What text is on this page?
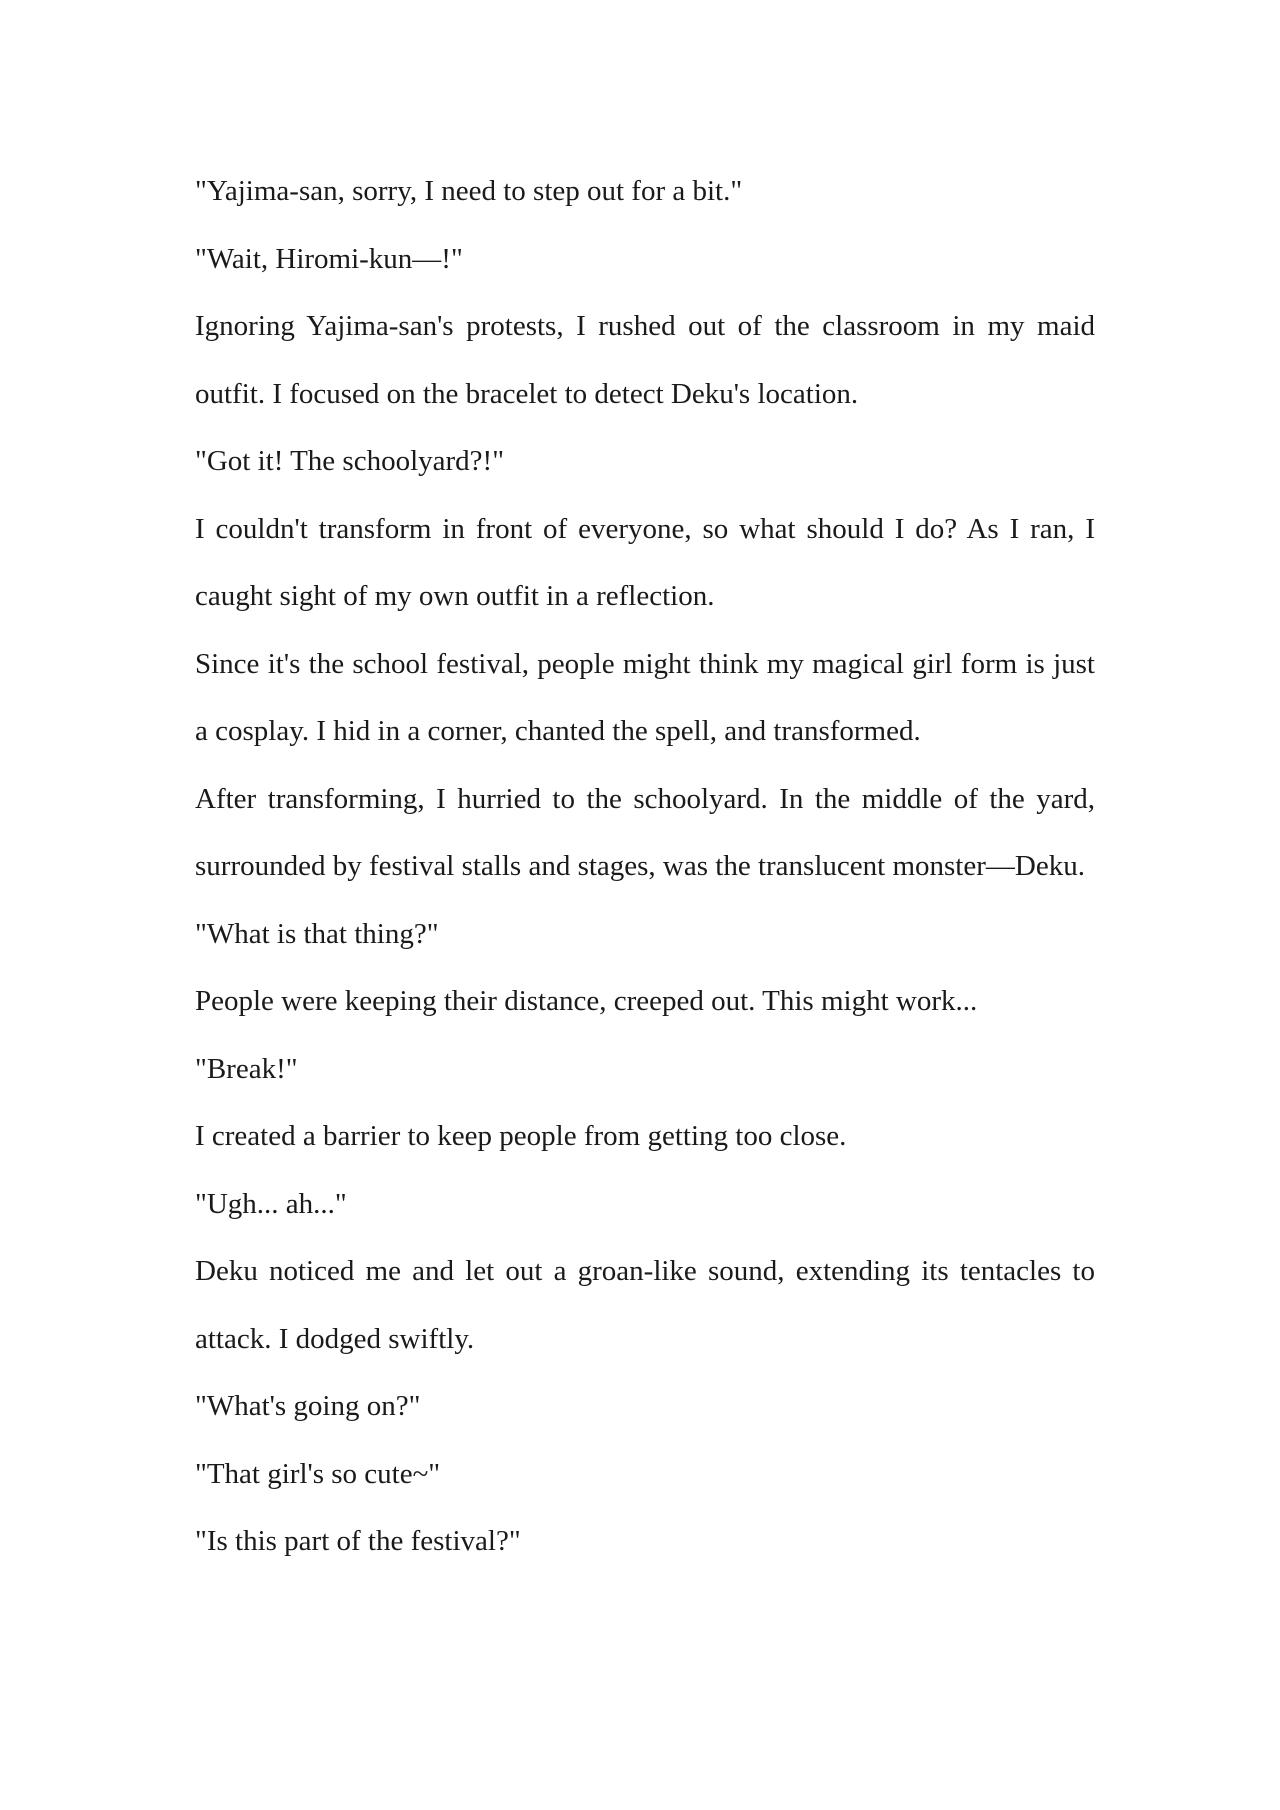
"Yajima-san, sorry, I need to step out for a bit."

"Wait, Hiromi-kun—!"

Ignoring Yajima-san's protests, I rushed out of the classroom in my maid outfit. I focused on the bracelet to detect Deku's location.

"Got it! The schoolyard?!"

I couldn't transform in front of everyone, so what should I do? As I ran, I caught sight of my own outfit in a reflection.

Since it's the school festival, people might think my magical girl form is just a cosplay. I hid in a corner, chanted the spell, and transformed.

After transforming, I hurried to the schoolyard. In the middle of the yard, surrounded by festival stalls and stages, was the translucent monster—Deku.

"What is that thing?"

People were keeping their distance, creeped out. This might work...

"Break!"

I created a barrier to keep people from getting too close.

"Ugh... ah..."

Deku noticed me and let out a groan-like sound, extending its tentacles to attack. I dodged swiftly.

"What's going on?"

"That girl's so cute~"

"Is this part of the festival?"
